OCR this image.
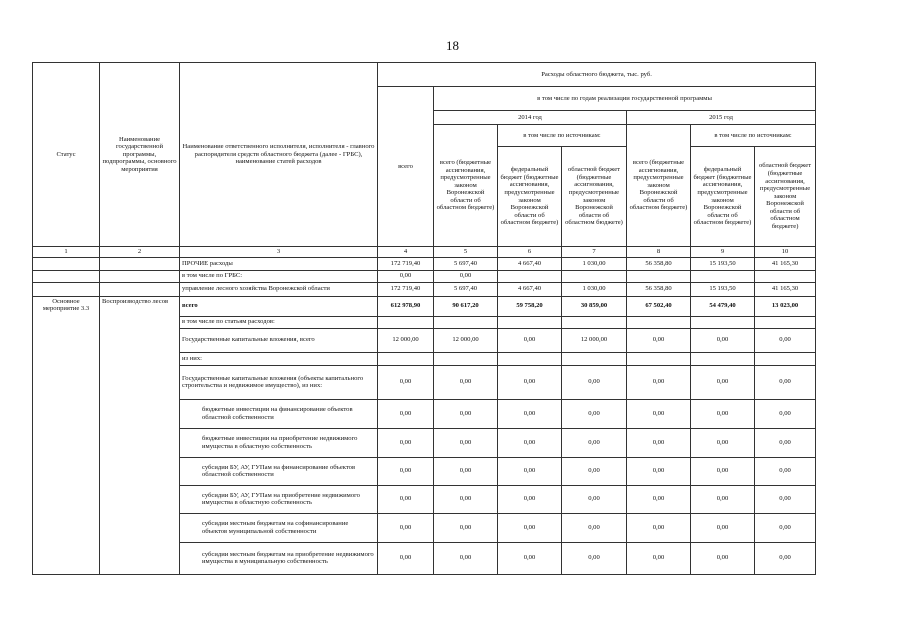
18
Статус	Наименование государственной программы, подпрограммы, основного мероприятия	Наименование ответственного исполнителя, исполнителя - главного распорядителя средств областного бюджета (далее - ГРБС), наименование статей расходов	Расходы областного бюджета, тыс. руб.						
			всего	в том числе по годам реализации государственной программы					
				2014 год			2015 год		
				всего (бюджетные ассигнования, предусмотренные законом Воронежской области об областном бюджете)	в том числе по источникам:		всего (бюджетные ассигнования, предусмотренные законом Воронежской области об областном бюджете)	в том числе по источникам:	
					федеральный бюджет (бюджетные ассигнования, предусмотренные законом Воронежской области об областном бюджете)	областной бюджет (бюджетные ассигнования, предусмотренные законом Воронежской области об областном бюджете)		федеральный бюджет (бюджетные ассигнования, предусмотренные законом Воронежской области об областном бюджете)	областной бюджет (бюджетные ассигнования, предусмотренные законом Воронежской области об областном бюджете)
1	2	3	4	5	6	7	8	9	10
		ПРОЧИЕ расходы	172 719,40	5 697,40	4 667,40	1 030,00	56 358,80	15 193,50	41 165,30
		в том числе по ГРБС:	0,00	0,00					
		управление лесного хозяйства Воронежской области	172 719,40	5 697,40	4 667,40	1 030,00	56 358,80	15 193,50	41 165,30
Основное мероприятие 3.3	Воспроизводство лесов	всего	612 978,90	90 617,20	59 758,20	30 859,00	67 502,40	54 479,40	13 023,00
		в том числе по статьям расходов:							
		Государственные капитальные вложения, всего	12 000,00	12 000,00	0,00	12 000,00	0,00	0,00	0,00
		из них:							
		Государственные капитальные вложения (объекты капитального строительства и недвижимое имущество), из них:	0,00	0,00	0,00	0,00	0,00	0,00	0,00
		бюджетные инвестиции на финансирование объектов областной собственности	0,00	0,00	0,00	0,00	0,00	0,00	0,00
		бюджетные инвестиции на приобретение недвижимого имущества в областную собственность	0,00	0,00	0,00	0,00	0,00	0,00	0,00
		субсидии БУ, АУ, ГУПам на финансирование объектов областной собственности	0,00	0,00	0,00	0,00	0,00	0,00	0,00
		субсидии БУ, АУ, ГУПам на приобретение недвижимого имущества в областную собственность	0,00	0,00	0,00	0,00	0,00	0,00	0,00
		субсидии местным бюджетам на софинансирование объектов муниципальной собственности	0,00	0,00	0,00	0,00	0,00	0,00	0,00
		субсидии местным бюджетам на приобретение недвижимого имущества в муниципальную собственность	0,00	0,00	0,00	0,00	0,00	0,00	0,00
